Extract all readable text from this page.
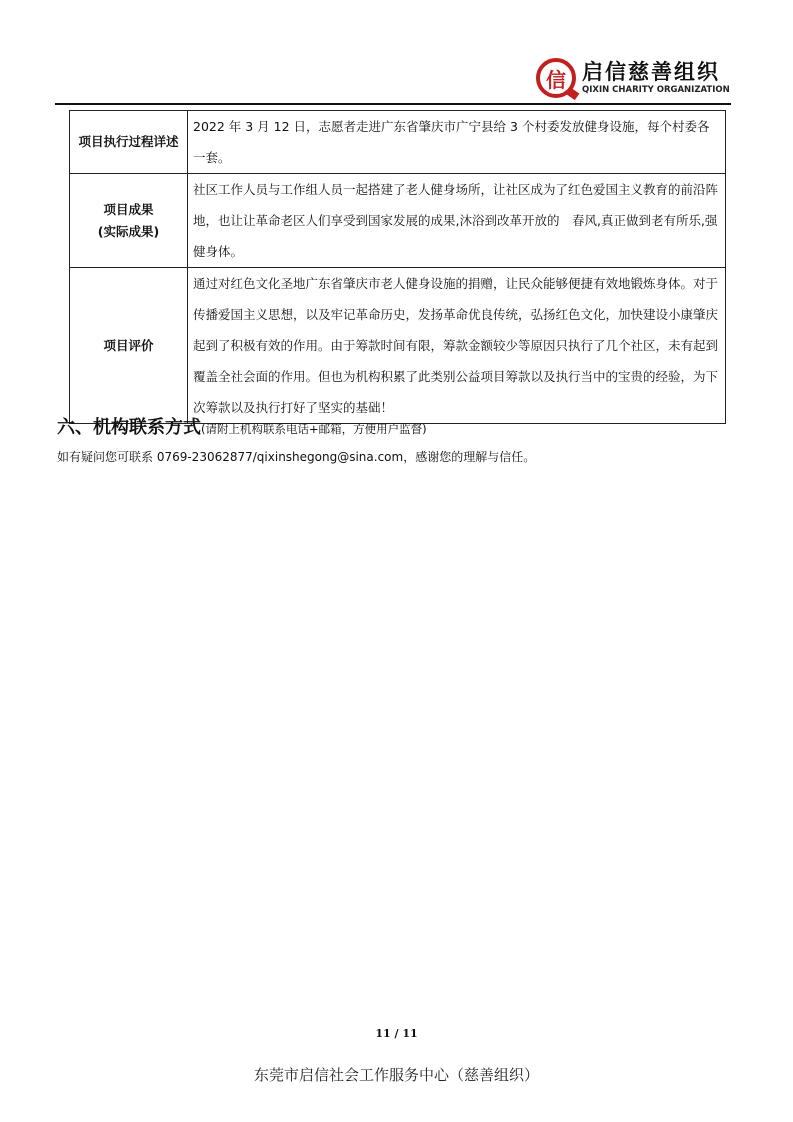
信 启信慈善组织
QIXIN CHARITY ORGANIZATION
项目执行过程详述	2022 年 3 月 12 日，志愿者走进广东省肇庆市广宁县给 3 个村委发放健身设施，每个村委各一套。

项目成果
(实际成果)	社区工作人员与工作组人员一起搭建了老人健身场所，让社区成为了红色爱国主义教育的前沿阵地，也让让革命老区人们享受到国家发展的成果,沐浴到改革开放的　春风,真正做到老有所乐,强健身体。
项目评价	通过对红色文化圣地广东省肇庆市老人健身设施的捐赠，让民众能够便捷有效地锻炼身体。对于传播爱国主义思想，以及牢记革命历史，发扬革命优良传统，弘扬红色文化，加快建设小康肇庆起到了积极有效的作用。由于筹款时间有限，筹款金额较少等原因只执行了几个社区，未有起到覆盖全社会面的作用。但也为机构积累了此类别公益项目筹款以及执行当中的宝贵的经验，为下次筹款以及执行打好了坚实的基础！
六、机构联系方式(请附上机构联系电话+邮箱，方便用户监督)
如有疑问您可联系 0769-23062877/qixinshegong@sina.com，感谢您的理解与信任。
11 / 11
东莞市启信社会工作服务中心（慈善组织）
